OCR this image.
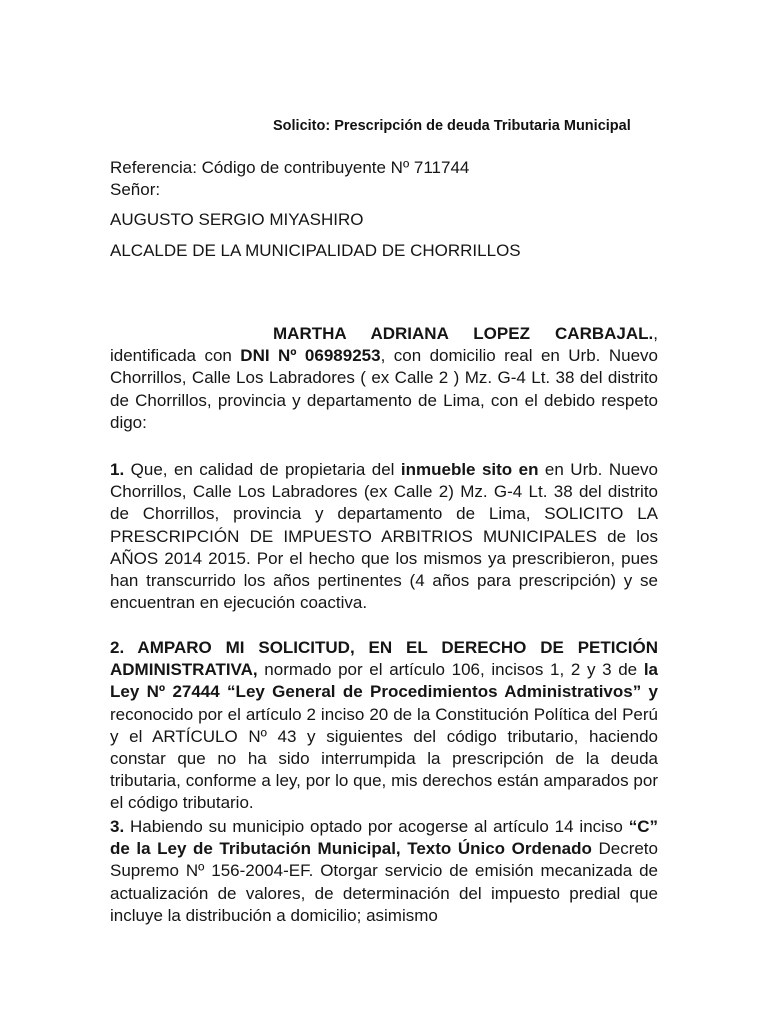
Solicito: Prescripción de deuda Tributaria Municipal
Referencia: Código de contribuyente Nº 711744
Señor:
AUGUSTO SERGIO MIYASHIRO
ALCALDE DE LA MUNICIPALIDAD DE CHORRILLOS
MARTHA ADRIANA LOPEZ CARBAJAL., identificada con DNI Nº 06989253, con domicilio real en Urb. Nuevo Chorrillos, Calle Los Labradores ( ex Calle 2 ) Mz. G-4 Lt. 38 del distrito de Chorrillos, provincia y departamento de Lima, con el debido respeto digo:
1. Que, en calidad de propietaria del inmueble sito en en Urb. Nuevo Chorrillos, Calle Los Labradores (ex Calle 2) Mz. G-4 Lt. 38 del distrito de Chorrillos, provincia y departamento de Lima, SOLICITO LA PRESCRIPCIÓN DE IMPUESTO ARBITRIOS MUNICIPALES de los AÑOS 2014 2015. Por el hecho que los mismos ya prescribieron, pues han transcurrido los años pertinentes (4 años para prescripción) y se encuentran en ejecución coactiva.
2. AMPARO MI SOLICITUD, EN EL DERECHO DE PETICIÓN ADMINISTRATIVA, normado por el artículo 106, incisos 1, 2 y 3 de la Ley Nº 27444 “Ley General de Procedimientos Administrativos” y reconocido por el artículo 2 inciso 20 de la Constitución Política del Perú y el ARTÍCULO Nº 43 y siguientes del código tributario, haciendo constar que no ha sido interrumpida la prescripción de la deuda tributaria, conforme a ley, por lo que, mis derechos están amparados por el código tributario.
3. Habiendo su municipio optado por acogerse al artículo 14 inciso “C” de la Ley de Tributación Municipal, Texto Único Ordenado Decreto Supremo Nº 156-2004-EF. Otorgar servicio de emisión mecanizada de actualización de valores, de determinación del impuesto predial que incluye la distribución a domicilio; asimismo
